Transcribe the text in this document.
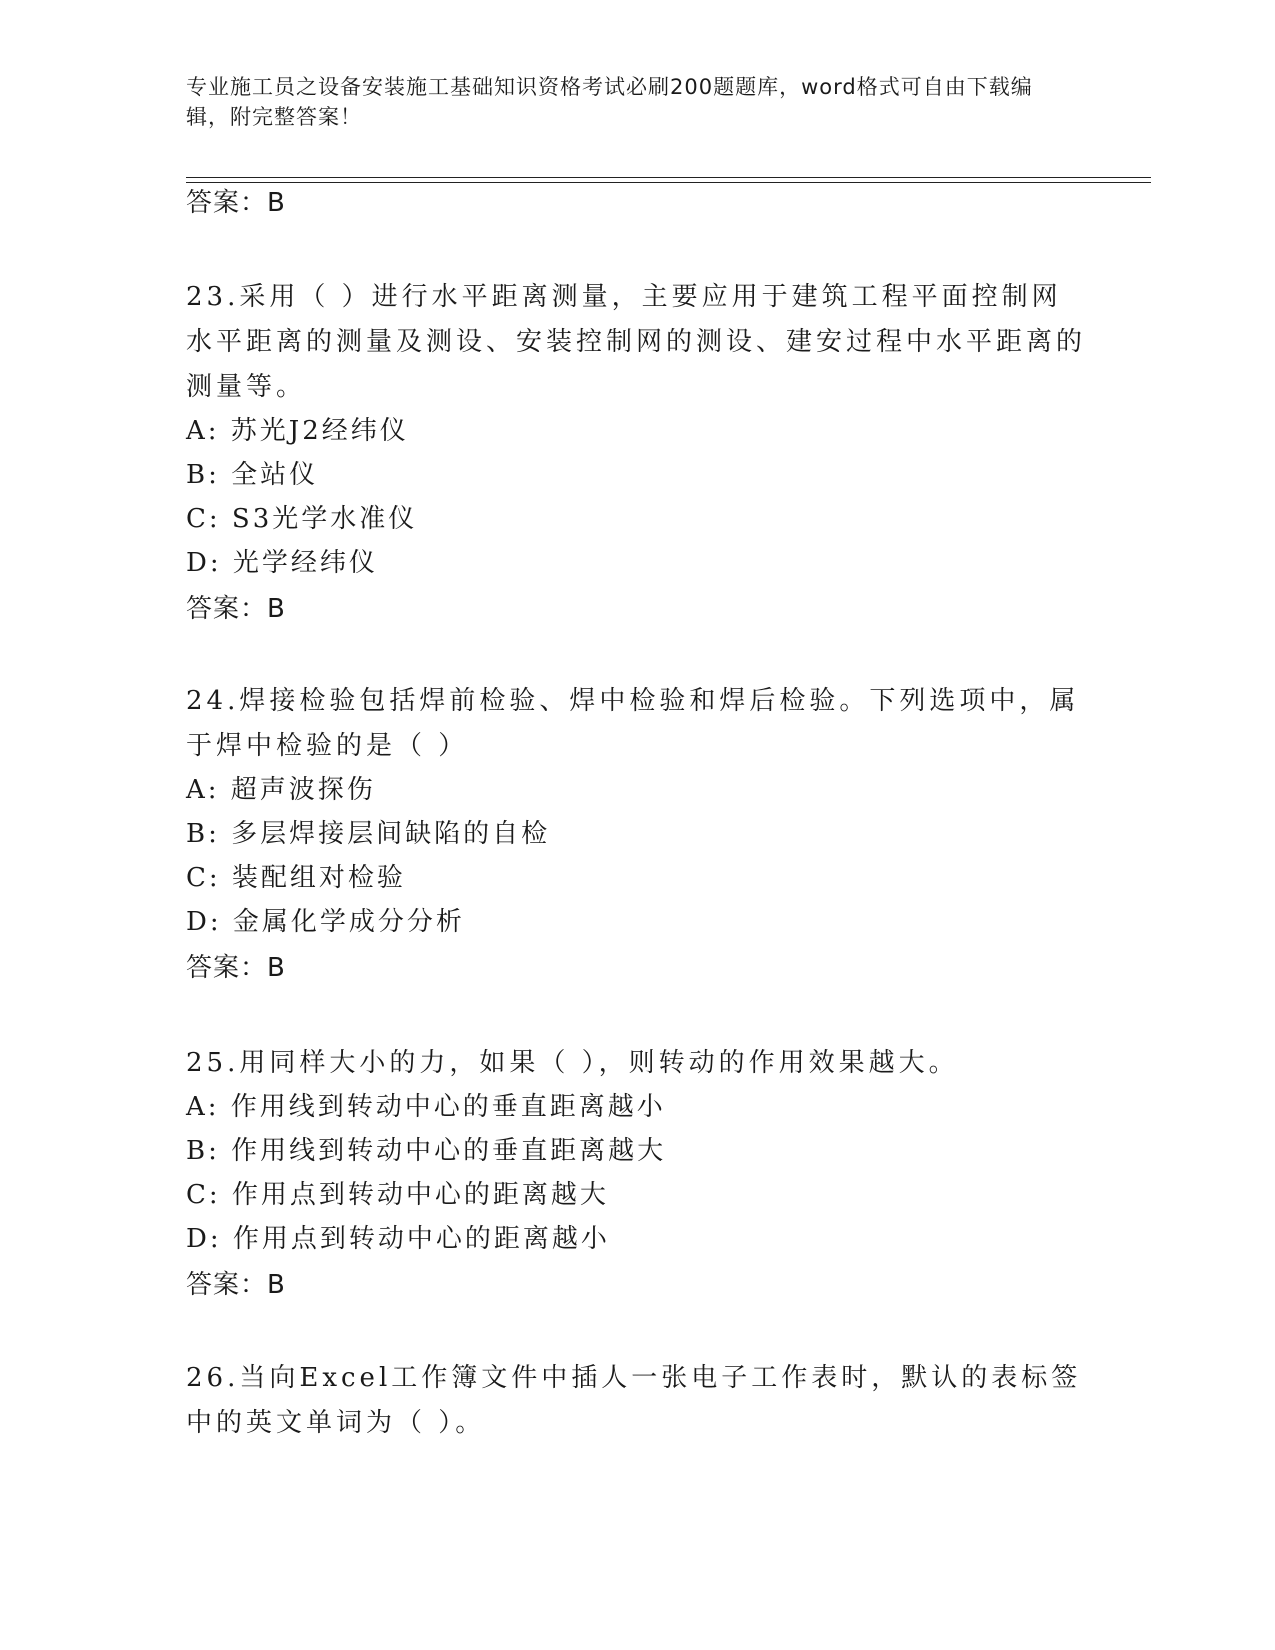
专业施工员之设备安装施工基础知识资格考试必刷200题题库，word格式可自由下载编辑，附完整答案！
答案：B
23.采用（ ）进行水平距离测量，主要应用于建筑工程平面控制网水平距离的测量及测设、安装控制网的测设、建安过程中水平距离的测量等。
A: 苏光J2经纬仪
B: 全站仪
C: S3光学水准仪
D: 光学经纬仪
答案：B
24.焊接检验包括焊前检验、焊中检验和焊后检验。下列选项中，属于焊中检验的是（ ）
A: 超声波探伤
B: 多层焊接层间缺陷的自检
C: 装配组对检验
D: 金属化学成分分析
答案：B
25.用同样大小的力，如果（ ），则转动的作用效果越大。
A: 作用线到转动中心的垂直距离越小
B: 作用线到转动中心的垂直距离越大
C: 作用点到转动中心的距离越大
D: 作用点到转动中心的距离越小
答案：B
26.当向Excel工作簿文件中插人一张电子工作表时，默认的表标签中的英文单词为（ ）。
